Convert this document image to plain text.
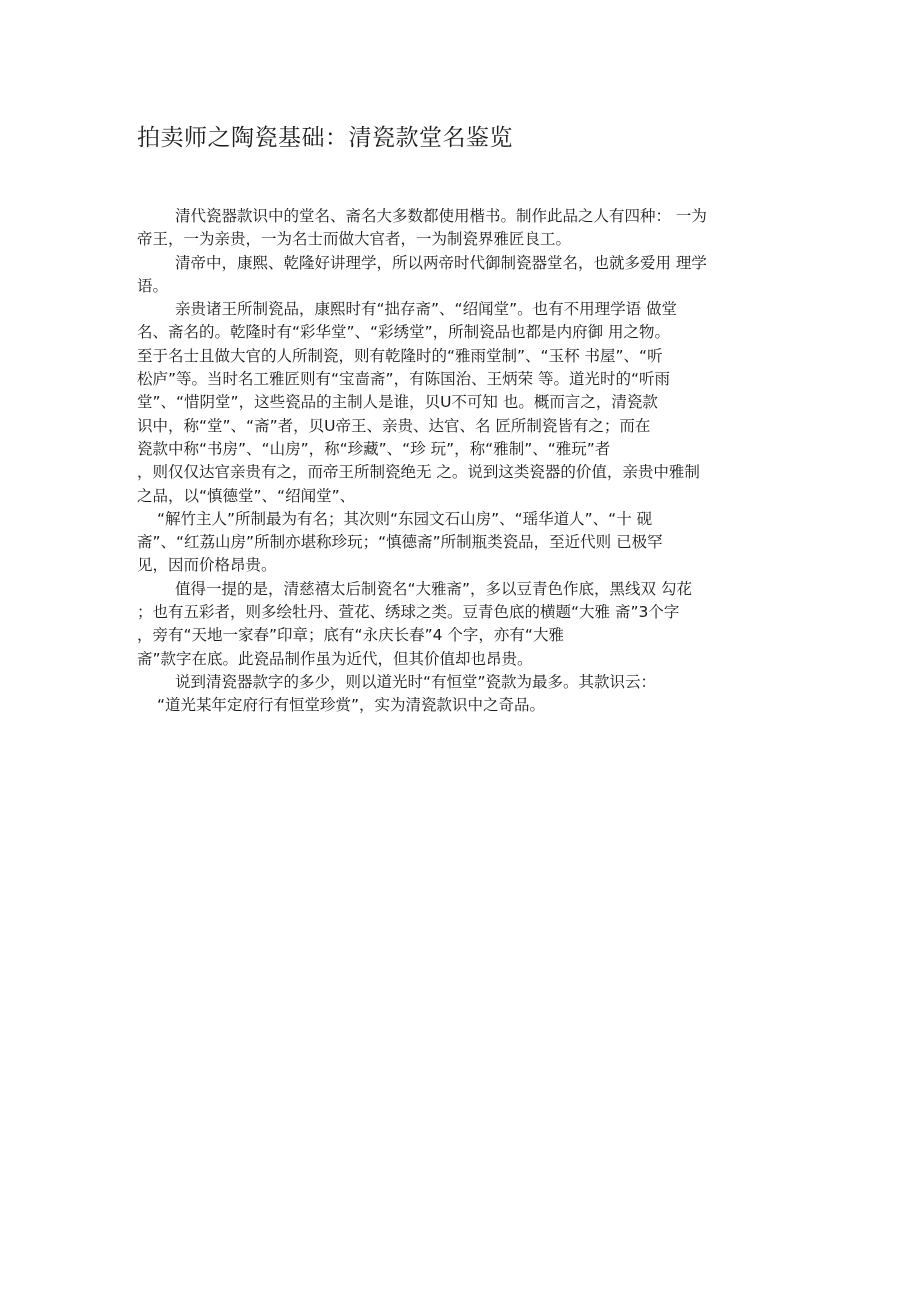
拍卖师之陶瓷基础：清瓷款堂名鉴览
清代瓷器款识中的堂名、斋名大多数都使用楷书。制作此品之人有四种： 一为
帝王，一为亲贵，一为名士而做大官者，一为制瓷界雅匠良工。
清帝中，康熙、乾隆好讲理学，所以两帝时代御制瓷器堂名，也就多爱用 理学
语。
亲贵诸王所制瓷品，康熙时有“拙存斋”、“绍闻堂”。也有不用理学语 做堂
名、斋名的。乾隆时有“彩华堂”、“彩绣堂”，所制瓷品也都是内府御 用之物。
至于名士且做大官的人所制瓷，则有乾隆时的“雅雨堂制”、“玉杯 书屋”、“听
松庐”等。当时名工雅匠则有“宝啬斋”，有陈国治、王炳荣 等。道光时的“听雨
堂”、“惜阴堂”，这些瓷品的主制人是谁，贝U不可知 也。概而言之，清瓷款
识中，称“堂”、“斋”者，贝U帝王、亲贵、达官、名 匠所制瓷皆有之；而在
瓷款中称“书房”、“山房”，称“珍藏”、“珍 玩”，称“雅制”、“雅玩”者
，则仅仅达官亲贵有之，而帝王所制瓷绝无 之。说到这类瓷器的价值，亲贵中雅制
之品，以“慎德堂”、“绍闻堂”、
“解竹主人”所制最为有名；其次则“东园文石山房”、“瑶华道人”、“十 砚
斋”、“红荔山房”所制亦堪称珍玩；“慎德斋”所制瓶类瓷品，至近代则 已极罕
见，因而价格昂贵。
值得一提的是，清慈禧太后制瓷名“大雅斋”，多以豆青色作底，黑线双 勾花
；也有五彩者，则多绘牡丹、萱花、绣球之类。豆青色底的横题“大雅 斋”3个字
，旁有“天地一家春”印章；底有“永庆长春”4 个字，亦有“大雅
斋”款字在底。此瓷品制作虽为近代，但其价值却也昂贵。
说到清瓷器款字的多少，则以道光时“有恒堂”瓷款为最多。其款识云：
“道光某年定府行有恒堂珍赏”，实为清瓷款识中之奇品。
